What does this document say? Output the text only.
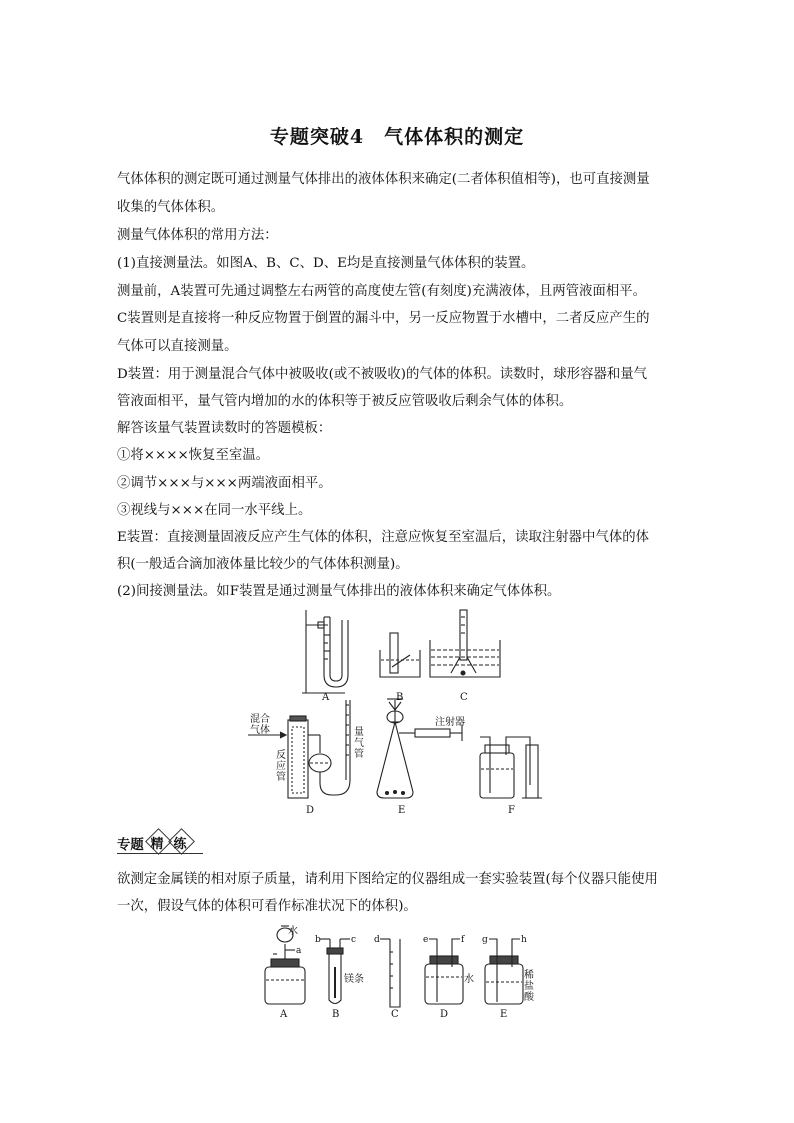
专题突破4　气体体积的测定
气体体积的测定既可通过测量气体排出的液体体积来确定(二者体积值相等)，也可直接测量
收集的气体体积。
测量气体体积的常用方法：
(1)直接测量法。如图A、B、C、D、E均是直接测量气体体积的装置。
测量前，A装置可先通过调整左右两管的高度使左管(有刻度)充满液体，且两管液面相平。
C装置则是直接将一种反应物置于倒置的漏斗中，另一反应物置于水槽中，二者反应产生的
气体可以直接测量。
D装置：用于测量混合气体中被吸收(或不被吸收)的气体的体积。读数时，球形容器和量气
管液面相平，量气管内增加的水的体积等于被反应管吸收后剩余气体的体积。
解答该量气装置读数时的答题模板：
①将××××恢复至室温。
②调节×××与×××两端液面相平。
③视线与×××在同一水平线上。
E装置：直接测量固液反应产生气体的体积，注意应恢复至室温后，读取注射器中气体的体
积(一般适合滴加液体量比较少的气体体积测量)。
(2)间接测量法。如F装置是通过测量气体排出的液体体积来确定气体体积。
A	B	C
D	E	F
混合
气体
反
应
管
量
气
管
注射器
专题 精 练
欲测定金属镁的相对原子质量，请利用下图给定的仪器组成一套实验装置(每个仪器只能使用
一次，假设气体的体积可看作标准状况下的体积)。
水
a
b	c d	e	f g	h
镁条	水	稀
盐
酸
A	B	C	D	E
